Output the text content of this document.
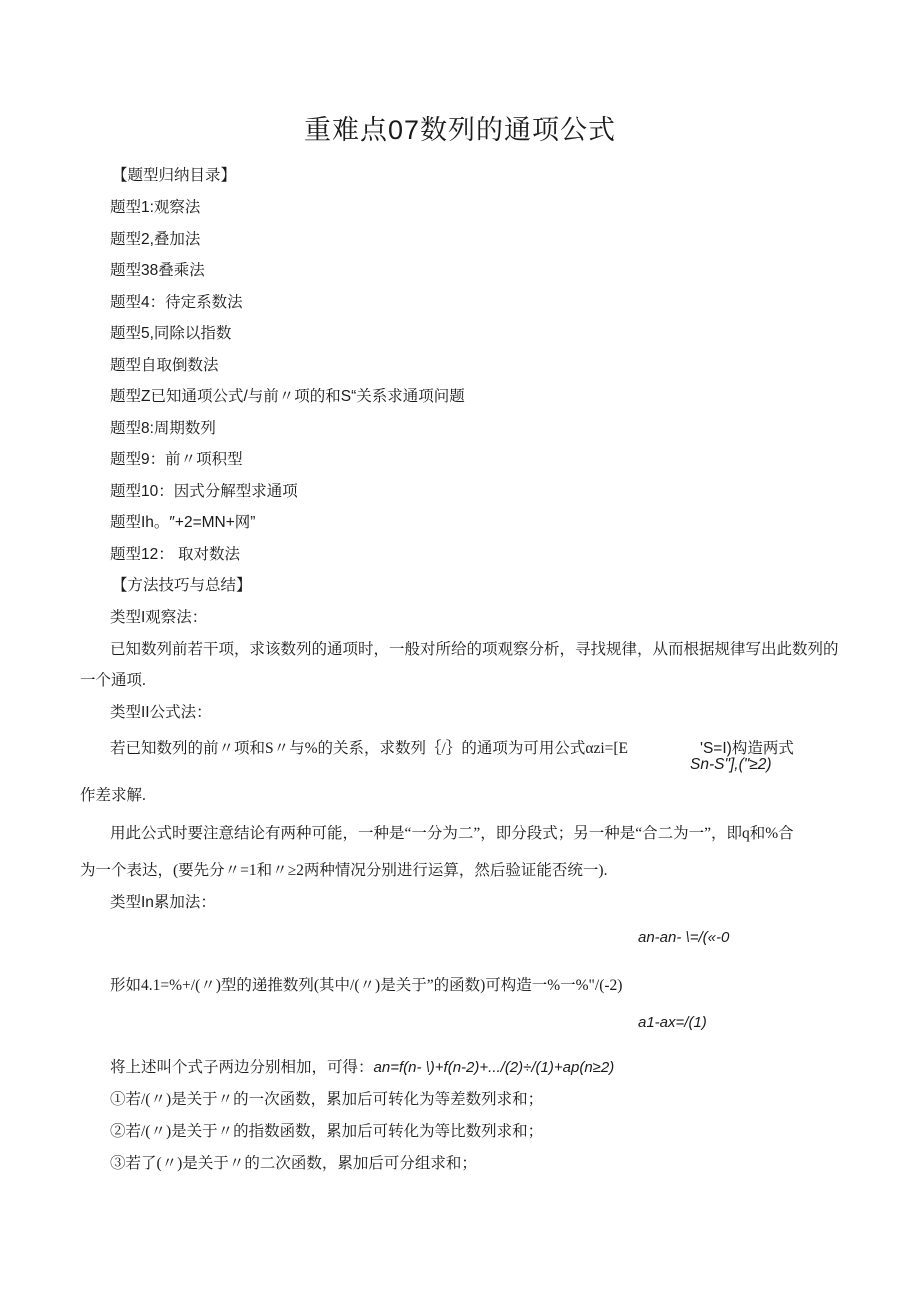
重难点07数列的通项公式
【题型归纳目录】
题型1:观察法
题型2,叠加法
题型38叠乘法
题型4：待定系数法
题型5,同除以指数
题型自取倒数法
题型Z已知通项公式/与前〃项的和S“关系求通项问题
题型8:周期数列
题型9：前〃项积型
题型10：因式分解型求通项
题型Ih。″+2=MN+网”
题型12： 取对数法
【方法技巧与总结】
类型I观察法：
已知数列前若干项，求该数列的通项时，一般对所给的项观察分析，寻找规律，从而根据规律写出此数列的
一个通项.
类型II公式法：
若已知数列的前〃项和S〃与%的关系，求数列｛/｝的通项为可用公式αzi=[E	'S=I)构造两式
Sn-S"],("≥2)
作差求解.
用此公式时要注意结论有两种可能，一种是“一分为二”，即分段式；另一种是“合二为一”，即q和%合
为一个表达，(要先分〃=1和〃≥2两种情况分别进行运算，然后验证能否统一).
类型In累加法：
an-an- \=/(«-0
形如4.1=%+/(〃)型的递推数列(其中/(〃)是关于”的函数)可构造一%一%"/(-2)
a1-ax=/(1)
将上述叫个式子两边分别相加，可得：an=f(n- \)+f(n-2)+.../(2)÷/(1)+ap(n≥2)
①若/(〃)是关于〃的一次函数，累加后可转化为等差数列求和；
②若/(〃)是关于〃的指数函数，累加后可转化为等比数列求和；
③若了(〃)是关于〃的二次函数，累加后可分组求和；
